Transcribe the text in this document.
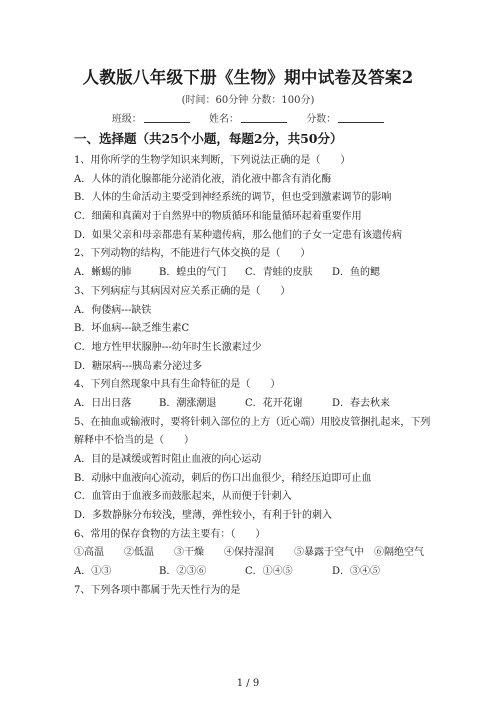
人教版八年级下册《生物》期中试卷及答案2
(时间：60分钟 分数：100分)
班级：	姓名：	分数：
一、选择题（共25个小题，每题2分，共50分）
1、用你所学的生物学知识来判断，下列说法正确的是（　　）
A．人体的消化腺都能分泌消化液，消化液中都含有消化酶
B．人体的生命活动主要受到神经系统的调节，但也受到激素调节的影响
C．细菌和真菌对于自然界中的物质循环和能量循环起着重要作用
D．如果父亲和母亲都患有某种遗传病，那么他们的子女一定患有该遗传病
2、下列动物的结构，不能进行气体交换的是（　　）
A．蜥蜴的肺	B．蝗虫的气门	C．青蛙的皮肤	D．鱼的鳃
3、下列病症与其病因对应关系正确的是（　　）
A．佝偻病---缺铁
B．坏血病---缺乏维生素C
C．地方性甲状腺肿---幼年时生长激素过少
D．糖尿病---胰岛素分泌过多
4、下列自然现象中具有生命特征的是（　　）
A．日出日落	B．潮涨潮退	C．花开花谢	D．春去秋来
5、在抽血或输液时，要将针刺入部位的上方（近心端）用胶皮管捆扎起来，下列解释中不恰当的是（　　）
A．目的是减缓或暂时阻止血液的向心运动
B．动脉中血液向心流动，刺后的伤口出血很少，稍经压迫即可止血
C．血管由于血液多而鼓胀起来，从而便于针刺入
D．多数静脉分布较浅，壁薄，弹性较小，有利于针的刺入
6、常用的保存食物的方法主要有：（　　）
①高温　　②低温　　③干燥　　④保持湿润　　⑤暴露于空气中　⑥隔绝空气
A．①③	B．②③⑥	C．①④⑤	D．③④⑤
7、下列各项中都属于先天性行为的是
1 / 9
